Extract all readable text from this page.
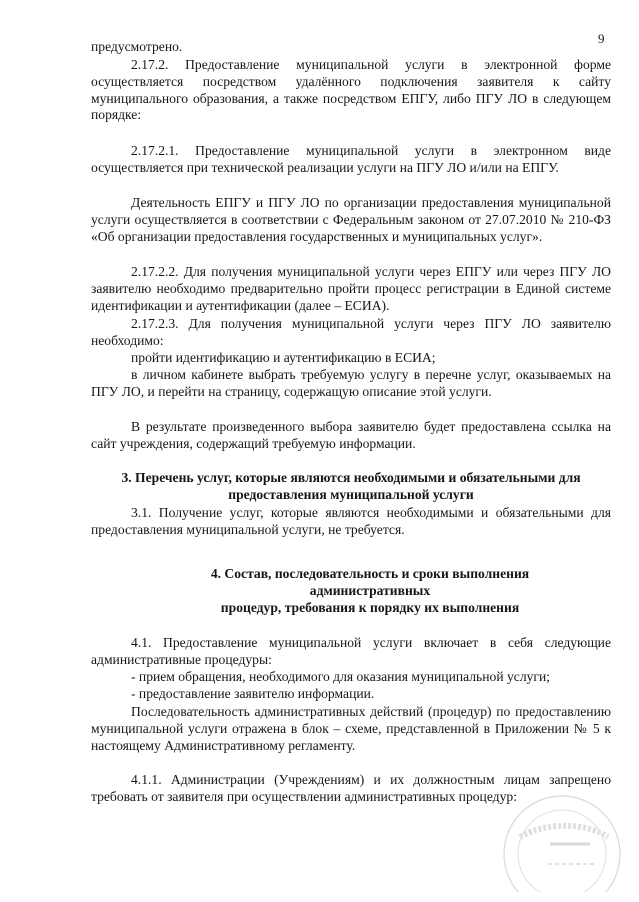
9
предусмотрено.
2.17.2. Предоставление муниципальной услуги в электронной форме осуществляется посредством удалённого подключения заявителя к сайту муниципального образования, а также посредством ЕПГУ, либо ПГУ ЛО в следующем порядке:
2.17.2.1. Предоставление муниципальной услуги в электронном виде осуществляется при технической реализации услуги на ПГУ ЛО и/или на ЕПГУ.
Деятельность ЕПГУ и ПГУ ЛО по организации предоставления муниципальной услуги осуществляется в соответствии с Федеральным законом от 27.07.2010 № 210-ФЗ «Об организации предоставления государственных и муниципальных услуг».
2.17.2.2. Для получения муниципальной услуги через ЕПГУ или через ПГУ ЛО заявителю необходимо предварительно пройти процесс регистрации в Единой системе идентификации и аутентификации (далее – ЕСИА).
2.17.2.3. Для получения муниципальной услуги через ПГУ ЛО заявителю необходимо:
пройти идентификацию и аутентификацию в ЕСИА;
в личном кабинете выбрать требуемую услугу в перечне услуг, оказываемых на ПГУ ЛО, и перейти на страницу, содержащую описание этой услуги.
В результате произведенного выбора заявителю будет предоставлена ссылка на сайт учреждения, содержащий требуемую информации.
3. Перечень услуг, которые являются необходимыми и обязательными для предоставления муниципальной услуги
3.1. Получение услуг, которые являются необходимыми и обязательными для предоставления муниципальной услуги, не требуется.
4. Состав, последовательность и сроки выполнения административных
процедур, требования к порядку их выполнения
4.1. Предоставление муниципальной услуги включает в себя следующие административные процедуры:
- прием обращения, необходимого для оказания муниципальной услуги;
- предоставление заявителю информации.
Последовательность административных действий (процедур) по предоставлению муниципальной услуги отражена в блок – схеме, представленной в Приложении № 5 к настоящему Административному регламенту.
4.1.1. Администрации (Учреждениям) и их должностным лицам запрещено требовать от заявителя при осуществлении административных процедур:
